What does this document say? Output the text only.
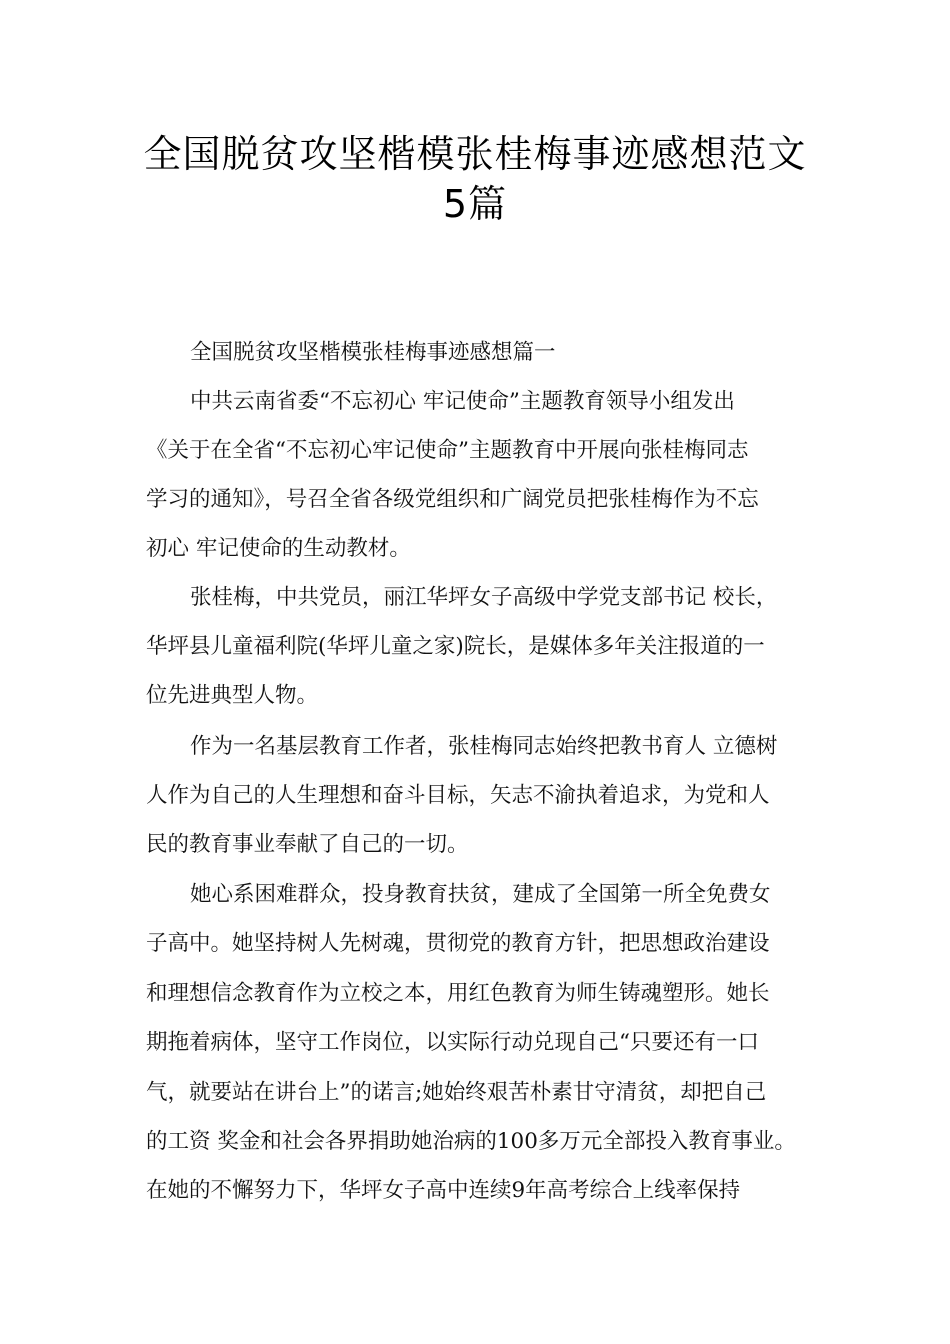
全国脱贫攻坚楷模张桂梅事迹感想范文
5篇
全国脱贫攻坚楷模张桂梅事迹感想篇一
中共云南省委“不忘初心 牢记使命”主题教育领导小组发出
《关于在全省“不忘初心牢记使命”主题教育中开展向张桂梅同志
学习的通知》，号召全省各级党组织和广阔党员把张桂梅作为不忘
初心 牢记使命的生动教材。
张桂梅，中共党员，丽江华坪女子高级中学党支部书记 校长，
华坪县儿童福利院(华坪儿童之家)院长，是媒体多年关注报道的一
位先进典型人物。
作为一名基层教育工作者，张桂梅同志始终把教书育人 立德树
人作为自己的人生理想和奋斗目标，矢志不渝执着追求，为党和人
民的教育事业奉献了自己的一切。
她心系困难群众，投身教育扶贫，建成了全国第一所全免费女
子高中。她坚持树人先树魂，贯彻党的教育方针，把思想政治建设
和理想信念教育作为立校之本，用红色教育为师生铸魂塑形。她长
期拖着病体，坚守工作岗位，以实际行动兑现自己“只要还有一口
气，就要站在讲台上”的诺言;她始终艰苦朴素甘守清贫，却把自己
的工资 奖金和社会各界捐助她治病的100多万元全部投入教育事业。
在她的不懈努力下，华坪女子高中连续9年高考综合上线率保持
